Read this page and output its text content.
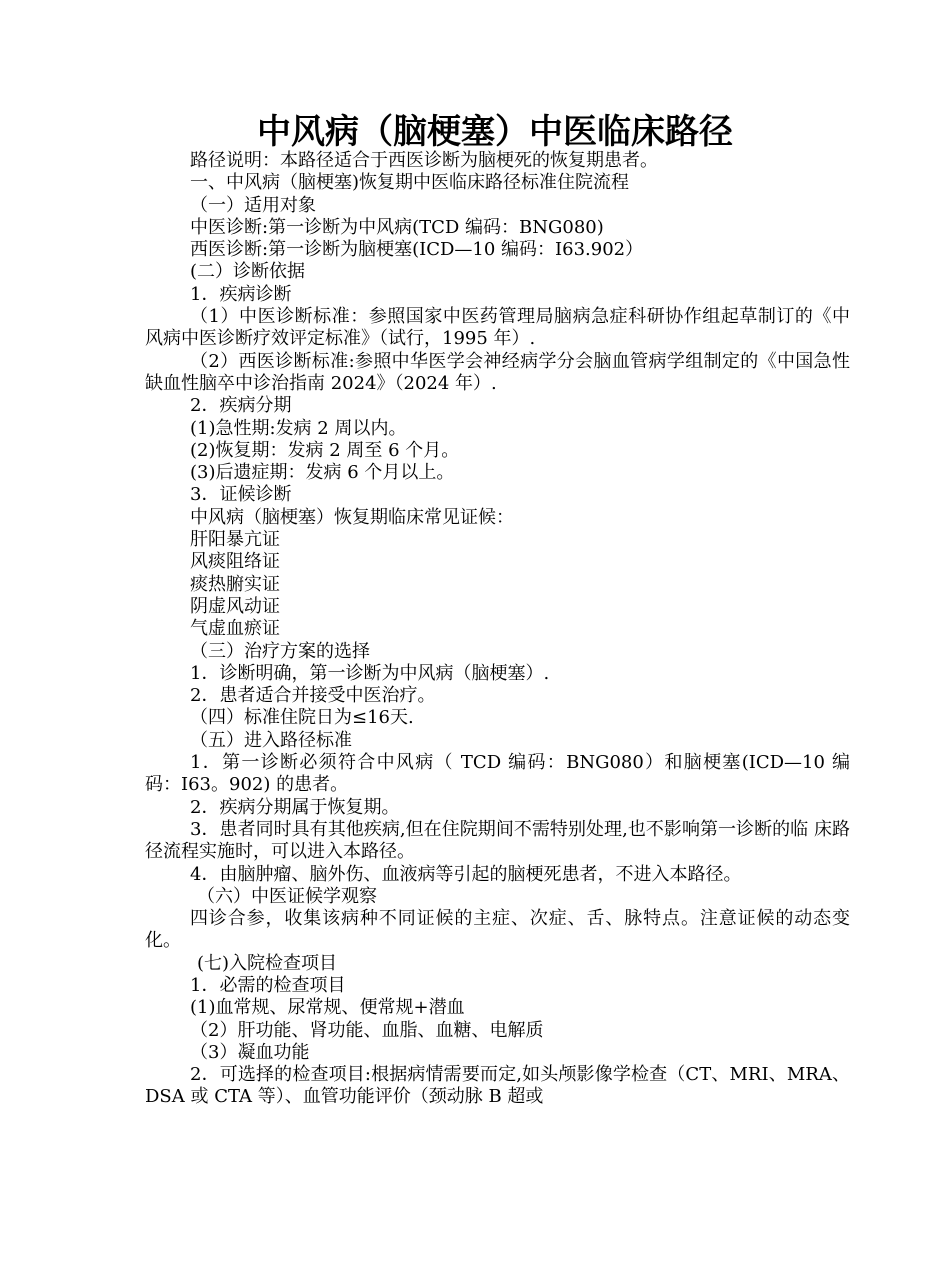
中风病（脑梗塞）中医临床路径

路径说明：本路径适合于西医诊断为脑梗死的恢复期患者。

一、中风病（脑梗塞)恢复期中医临床路径标准住院流程

（一）适用对象

中医诊断:第一诊断为中风病(TCD 编码：BNG080)

西医诊断:第一诊断为脑梗塞(ICD—10 编码：I63.902）

(二）诊断依据

1．疾病诊断

（1）中医诊断标准：参照国家中医药管理局脑病急症科研协作组起草制订的《中 风病中医诊断疗效评定标准》（试行，1995 年）.

（2）西医诊断标准:参照中华医学会神经病学分会脑血管病学组制定的《中国急性缺血性脑卒中诊治指南 2024》（2024 年）.

2．疾病分期

(1)急性期:发病 2 周以内。

(2)恢复期：发病 2 周至 6 个月。

(3)后遗症期：发病 6 个月以上。

3．证候诊断

中风病（脑梗塞）恢复期临床常见证候：

肝阳暴亢证

风痰阻络证

痰热腑实证

阴虚风动证

气虚血瘀证

（三）治疗方案的选择

1．诊断明确，第一诊断为中风病（脑梗塞）.

2．患者适合并接受中医治疗。

（四）标准住院日为≤16天.

（五）进入路径标准

1．第一诊断必须符合中风病（ TCD 编码：BNG080）和脑梗塞(ICD—10 编码：I63。902) 的患者。

2．疾病分期属于恢复期。

3．患者同时具有其他疾病,但在住院期间不需特别处理,也不影响第一诊断的临 床路径流程实施时，可以进入本路径。

4．由脑肿瘤、脑外伤、血液病等引起的脑梗死患者，不进入本路径。

（六）中医证候学观察

四诊合参，收集该病种不同证候的主症、次症、舌、脉特点。注意证候的动态变化。

(七)入院检查项目

1．必需的检查项目

(1)血常规、尿常规、便常规+潜血

（2）肝功能、肾功能、血脂、血糖、电解质

（3）凝血功能

2．可选择的检查项目:根据病情需要而定,如头颅影像学检查（CT、MRI、MRA、DSA 或 CTA 等）、血管功能评价（颈动脉 B 超或
